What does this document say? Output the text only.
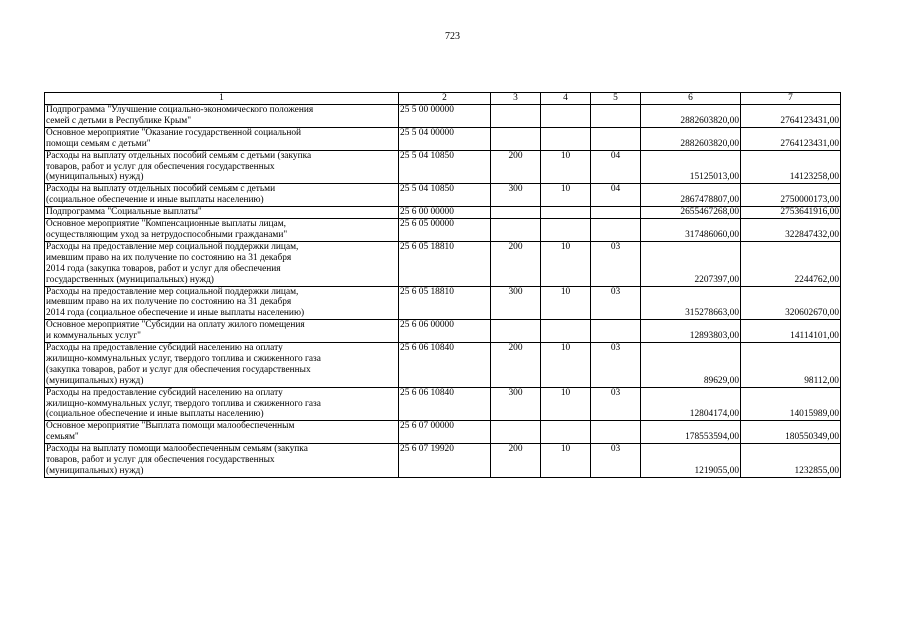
723
1	2	3	4	5	6	7
Подпрограмма "Улучшение социально-экономического положения
семей с детьми в Республике Крым"	25 5 00 00000				2882603820,00	2764123431,00
Основное мероприятие "Оказание государственной социальной
помощи семьям с детьми"	25 5 04 00000				2882603820,00	2764123431,00
Расходы на выплату отдельных пособий семьям с детьми (закупка
товаров, работ и услуг для обеспечения государственных
(муниципальных) нужд)	25 5 04 10850	200	10	04	15125013,00	14123258,00
Расходы на выплату отдельных пособий семьям с детьми
(социальное обеспечение и иные выплаты населению)	25 5 04 10850	300	10	04	2867478807,00	2750000173,00
Подпрограмма "Социальные выплаты"	25 6 00 00000				2655467268,00	2753641916,00
Основное мероприятие "Компенсационные выплаты лицам,
осуществляющим уход за нетрудоспособными гражданами"	25 6 05 00000				317486060,00	322847432,00
Расходы на предоставление мер социальной поддержки лицам,
имевшим право на их получение по состоянию на 31 декабря
2014 года (закупка товаров, работ и услуг для обеспечения
государственных (муниципальных) нужд)	25 6 05 18810	200	10	03	2207397,00	2244762,00
Расходы на предоставление мер социальной поддержки лицам,
имевшим право на их получение по состоянию на 31 декабря
2014 года (социальное обеспечение и иные выплаты населению)	25 6 05 18810	300	10	03	315278663,00	320602670,00
Основное мероприятие "Субсидии на оплату жилого помещения
и коммунальных услуг"	25 6 06 00000				12893803,00	14114101,00
Расходы на предоставление субсидий населению на оплату
жилищно-коммунальных услуг, твердого топлива и сжиженного газа
(закупка товаров, работ и услуг для обеспечения государственных
(муниципальных) нужд)	25 6 06 10840	200	10	03	89629,00	98112,00
Расходы на предоставление субсидий населению на оплату
жилищно-коммунальных услуг, твердого топлива и сжиженного газа
(социальное обеспечение и иные выплаты населению)	25 6 06 10840	300	10	03	12804174,00	14015989,00
Основное мероприятие "Выплата помощи малообеспеченным
семьям"	25 6 07 00000				178553594,00	180550349,00
Расходы на выплату помощи малообеспеченным семьям (закупка
товаров, работ и услуг для обеспечения государственных
(муниципальных) нужд)	25 6 07 19920	200	10	03	1219055,00	1232855,00
